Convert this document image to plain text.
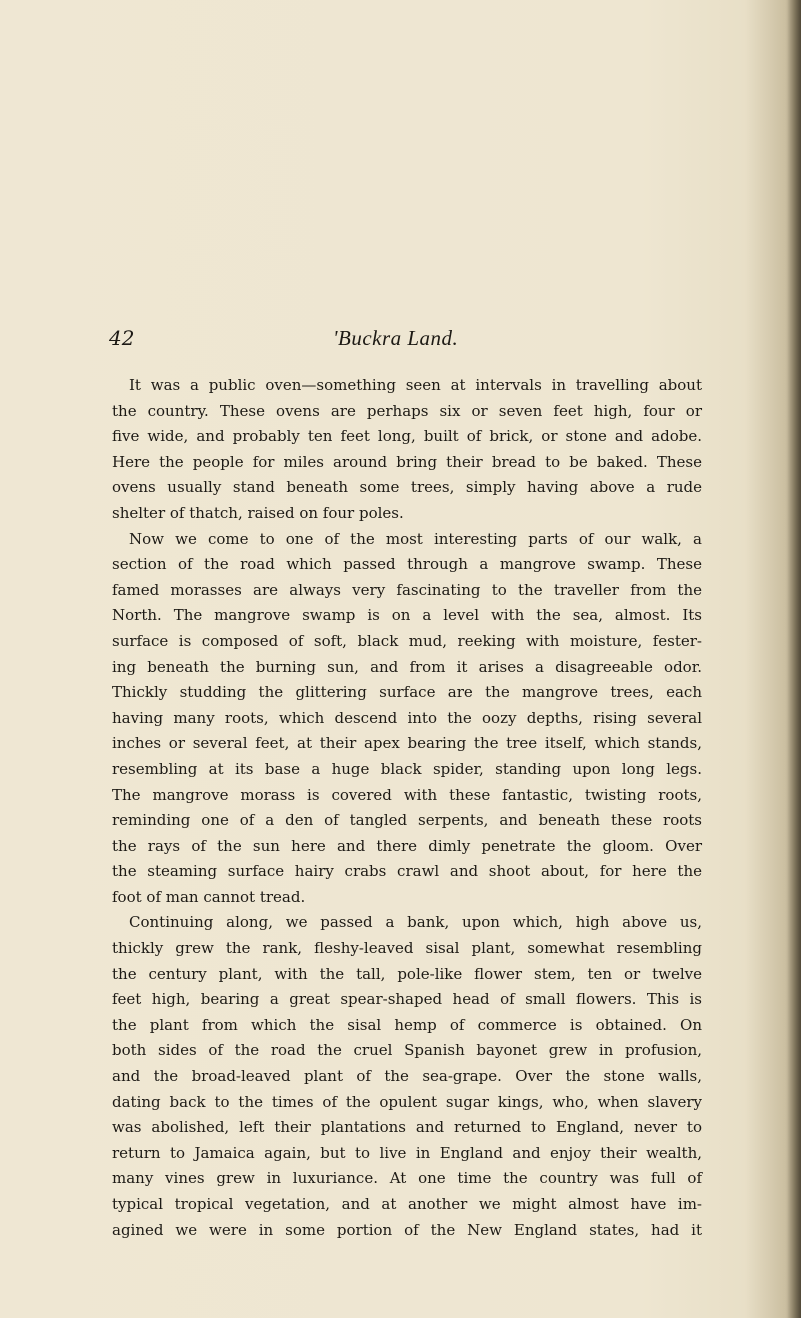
42	'Buckra Land.
It was a public oven—something seen at intervals in travelling about
the country. These ovens are perhaps six or seven feet high, four or
five wide, and probably ten feet long, built of brick, or stone and adobe.
Here the people for miles around bring their bread to be baked. These
ovens usually stand beneath some trees, simply having above a rude
shelter of thatch, raised on four poles.
Now we come to one of the most interesting parts of our walk, a
section of the road which passed through a mangrove swamp. These
famed morasses are always very fascinating to the traveller from the
North. The mangrove swamp is on a level with the sea, almost. Its
surface is composed of soft, black mud, reeking with moisture, fester-
ing beneath the burning sun, and from it arises a disagreeable odor.
Thickly studding the glittering surface are the mangrove trees, each
having many roots, which descend into the oozy depths, rising several
inches or several feet, at their apex bearing the tree itself, which stands,
resembling at its base a huge black spider, standing upon long legs.
The mangrove morass is covered with these fantastic, twisting roots,
reminding one of a den of tangled serpents, and beneath these roots
the rays of the sun here and there dimly penetrate the gloom. Over
the steaming surface hairy crabs crawl and shoot about, for here the
foot of man cannot tread.
Continuing along, we passed a bank, upon which, high above us,
thickly grew the rank, fleshy-leaved sisal plant, somewhat resembling
the century plant, with the tall, pole-like flower stem, ten or twelve
feet high, bearing a great spear-shaped head of small flowers. This is
the plant from which the sisal hemp of commerce is obtained. On
both sides of the road the cruel Spanish bayonet grew in profusion,
and the broad-leaved plant of the sea-grape. Over the stone walls,
dating back to the times of the opulent sugar kings, who, when slavery
was abolished, left their plantations and returned to England, never to
return to Jamaica again, but to live in England and enjoy their wealth,
many vines grew in luxuriance. At one time the country was full of
typical tropical vegetation, and at another we might almost have im-
agined we were in some portion of the New England states, had it
